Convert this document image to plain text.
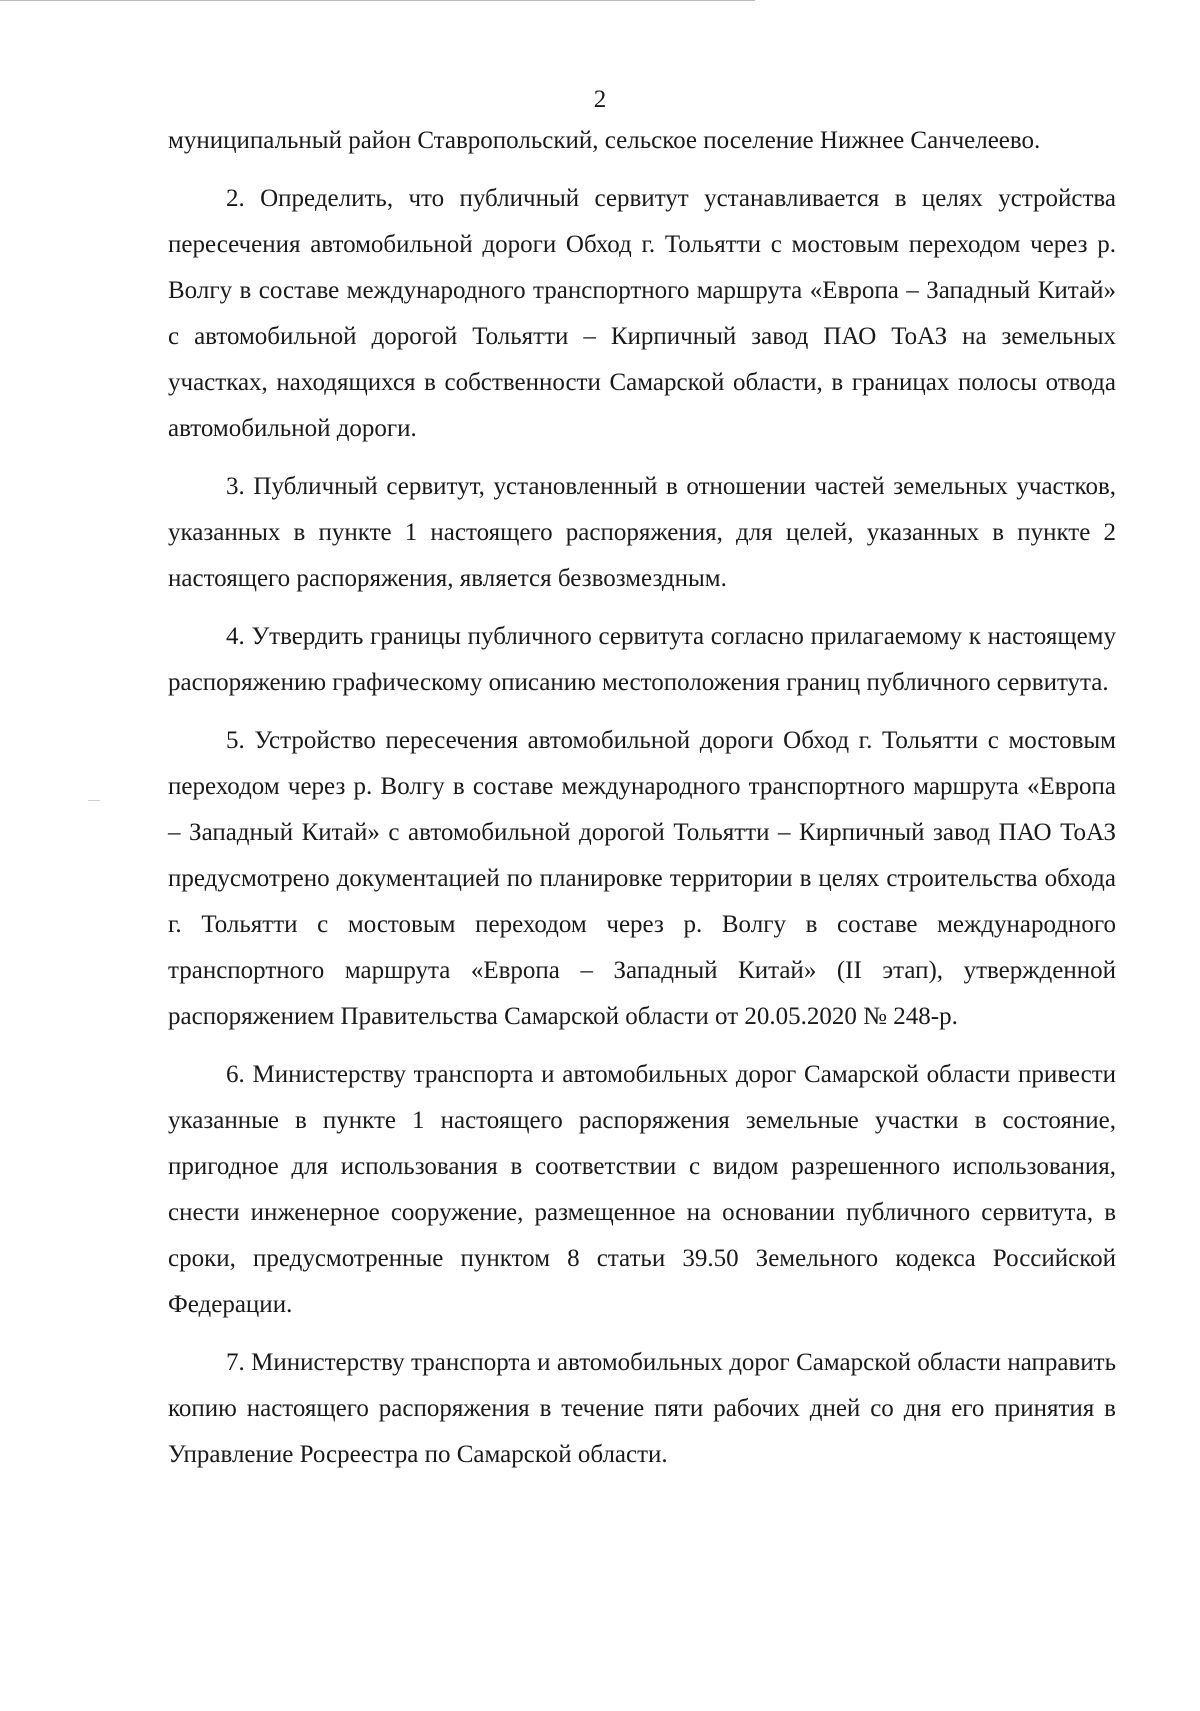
2

муниципальный район Ставропольский, сельское поселение Нижнее Санчелеево.

2. Определить, что публичный сервитут устанавливается в целях устройства пересечения автомобильной дороги Обход г. Тольятти с мостовым переходом через р. Волгу в составе международного транспортного маршрута «Европа – Западный Китай» с автомобильной дорогой Тольятти – Кирпичный завод ПАО ТоАЗ на земельных участках, находящихся в собственности Самарской области, в границах полосы отвода автомобильной дороги.

3. Публичный сервитут, установленный в отношении частей земельных участков, указанных в пункте 1 настоящего распоряжения, для целей, указанных в пункте 2 настоящего распоряжения, является безвозмездным.

4. Утвердить границы публичного сервитута согласно прилагаемому к настоящему распоряжению графическому описанию местоположения границ публичного сервитута.

5. Устройство пересечения автомобильной дороги Обход г. Тольятти с мостовым переходом через р. Волгу в составе международного транспортного маршрута «Европа – Западный Китай» с автомобильной дорогой Тольятти – Кирпичный завод ПАО ТоАЗ предусмотрено документацией по планировке территории в целях строительства обхода г. Тольятти с мостовым переходом через р. Волгу в составе международного транспортного маршрута «Европа – Западный Китай» (II этап), утвержденной распоряжением Правительства Самарской области от 20.05.2020 № 248-р.

6. Министерству транспорта и автомобильных дорог Самарской области привести указанные в пункте 1 настоящего распоряжения земельные участки в состояние, пригодное для использования в соответствии с видом разрешенного использования, снести инженерное сооружение, размещенное на основании публичного сервитута, в сроки, предусмотренные пунктом 8 статьи 39.50 Земельного кодекса Российской Федерации.

7. Министерству транспорта и автомобильных дорог Самарской области направить копию настоящего распоряжения в течение пяти рабочих дней со дня его принятия в Управление Росреестра по Самарской области.
